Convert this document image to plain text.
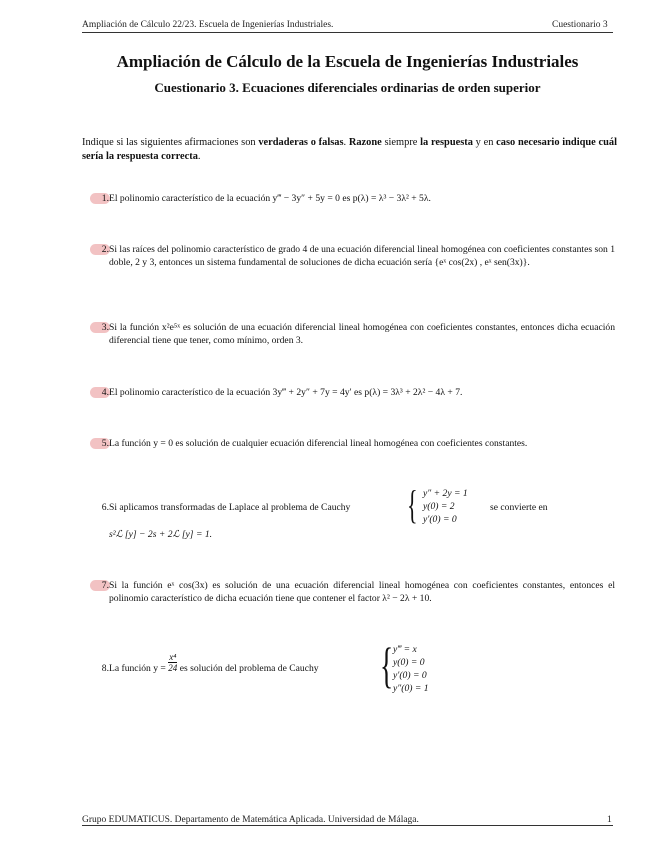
Ampliación de Cálculo 22/23. Escuela de Ingenierías Industriales.	Cuestionario 3
Ampliación de Cálculo de la Escuela de Ingenierías Industriales
Cuestionario 3. Ecuaciones diferenciales ordinarias de orden superior
Indique si las siguientes afirmaciones son verdaderas o falsas. Razone siempre la respuesta y en caso necesario indique cuál sería la respuesta correcta.
1. El polinomio característico de la ecuación y‴ − 3y″ + 5y = 0 es p(λ) = λ³ − 3λ² + 5λ.
2. Si las raíces del polinomio característico de grado 4 de una ecuación diferencial lineal homogénea con coeficientes constantes son 1 doble, 2 y 3, entonces un sistema fundamental de soluciones de dicha ecuación sería {eˣ cos(2x) , eˣ sen(3x)}.
3. Si la función x²e⁵ˣ es solución de una ecuación diferencial lineal homogénea con coeficientes constantes, entonces dicha ecuación diferencial tiene que tener, como mínimo, orden 3.
4. El polinomio característico de la ecuación 3y‴ + 2y″ + 7y = 4y′ es p(λ) = 3λ³ + 2λ² − 4λ + 7.
5. La función y = 0 es solución de cualquier ecuación diferencial lineal homogénea con coeficientes constantes.
6. Si aplicamos transformadas de Laplace al problema de Cauchy	{ y″ + 2y = 1
y(0) = 2
y′(0) = 0
se convierte en
s²ℒ [y] − 2s + 2ℒ [y] = 1.
7. Si la función eˣ cos(3x) es solución de una ecuación diferencial lineal homogénea con coeficientes constantes, entonces el polinomio característico de dicha ecuación tiene que contener el factor λ² − 2λ + 10.
8. La función $y = \frac{\text{x⁴}}{24}$ es solución del problema de Cauchy	{ y‴ = x
y(0) = 0
y′(0) = 0
y″(0) = 1
Grupo EDUMATICUS. Departamento de Matemática Aplicada. Universidad de Málaga.	1
